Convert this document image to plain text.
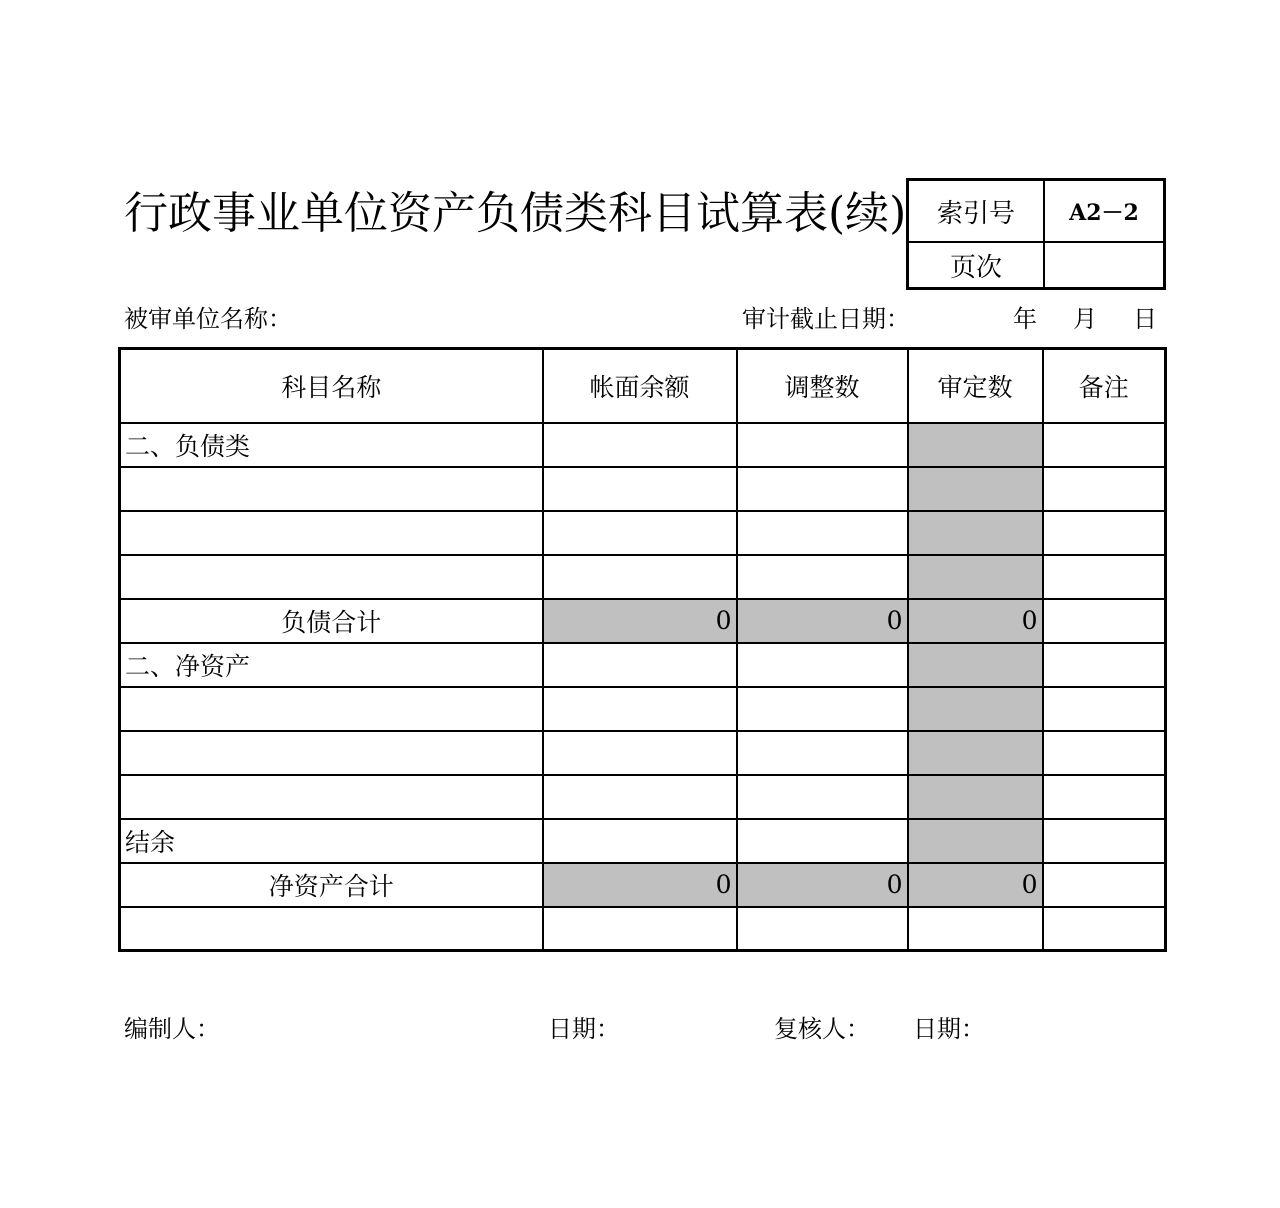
行政事业单位资产负债类科目试算表(续)	索引号	A2－2
页次
被审单位名称：	审计截止日期：	年 月 日
科目名称	帐面余额	调整数	审定数	备注
二、负债类				

负债合计	0	0	0	
二、净资产				

结余				
净资产合计	0	0	0	

编制人：	日期：	复核人： 日期：
